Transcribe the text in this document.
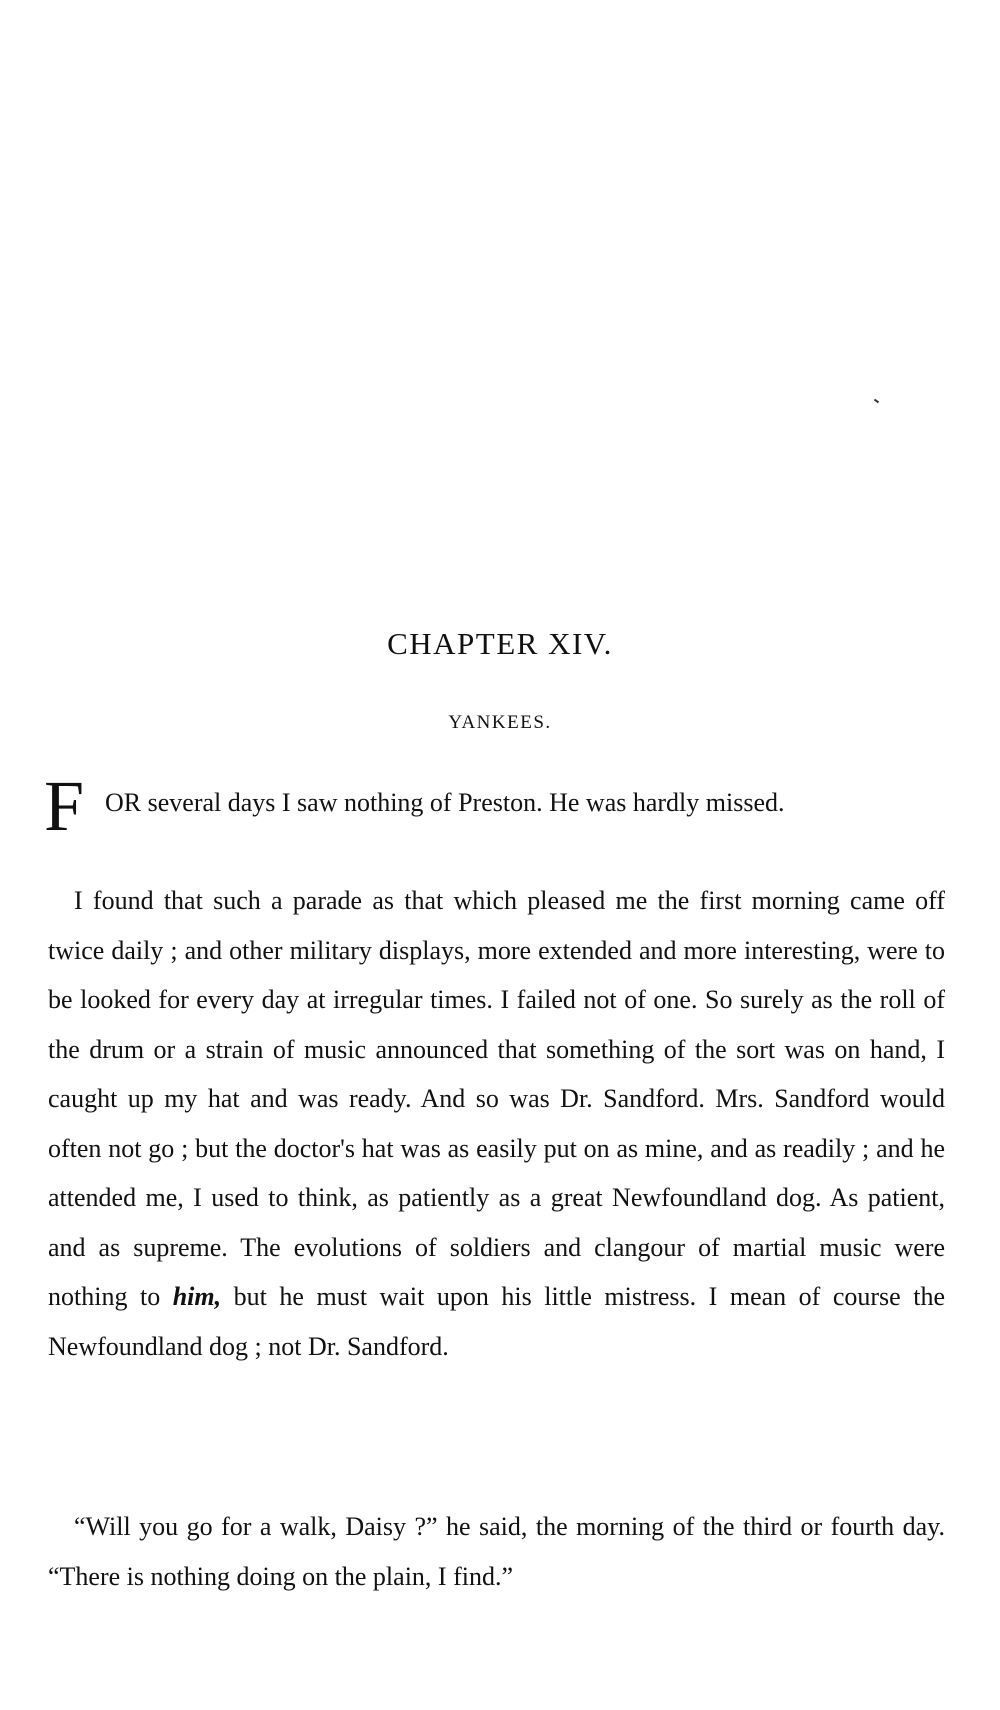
CHAPTER XIV.
YANKEES.
F OR several days I saw nothing of Preston. He was hardly missed.

I found that such a parade as that which pleased me the first morning came off twice daily ; and other military displays, more extended and more interesting, were to be looked for every day at irregular times. I failed not of one. So surely as the roll of the drum or a strain of music announced that something of the sort was on hand, I caught up my hat and was ready. And so was Dr. Sandford. Mrs. Sandford would often not go ; but the doctor's hat was as easily put on as mine, and as readily ; and he attended me, I used to think, as patiently as a great Newfoundland dog. As patient, and as supreme. The evolutions of soldiers and clangour of martial music were nothing to him, but he must wait upon his little mistress. I mean of course the Newfoundland dog ; not Dr. Sandford.

“Will you go for a walk, Daisy ?” he said, the morning of the third or fourth day. “There is nothing doing on the plain, I find.”
